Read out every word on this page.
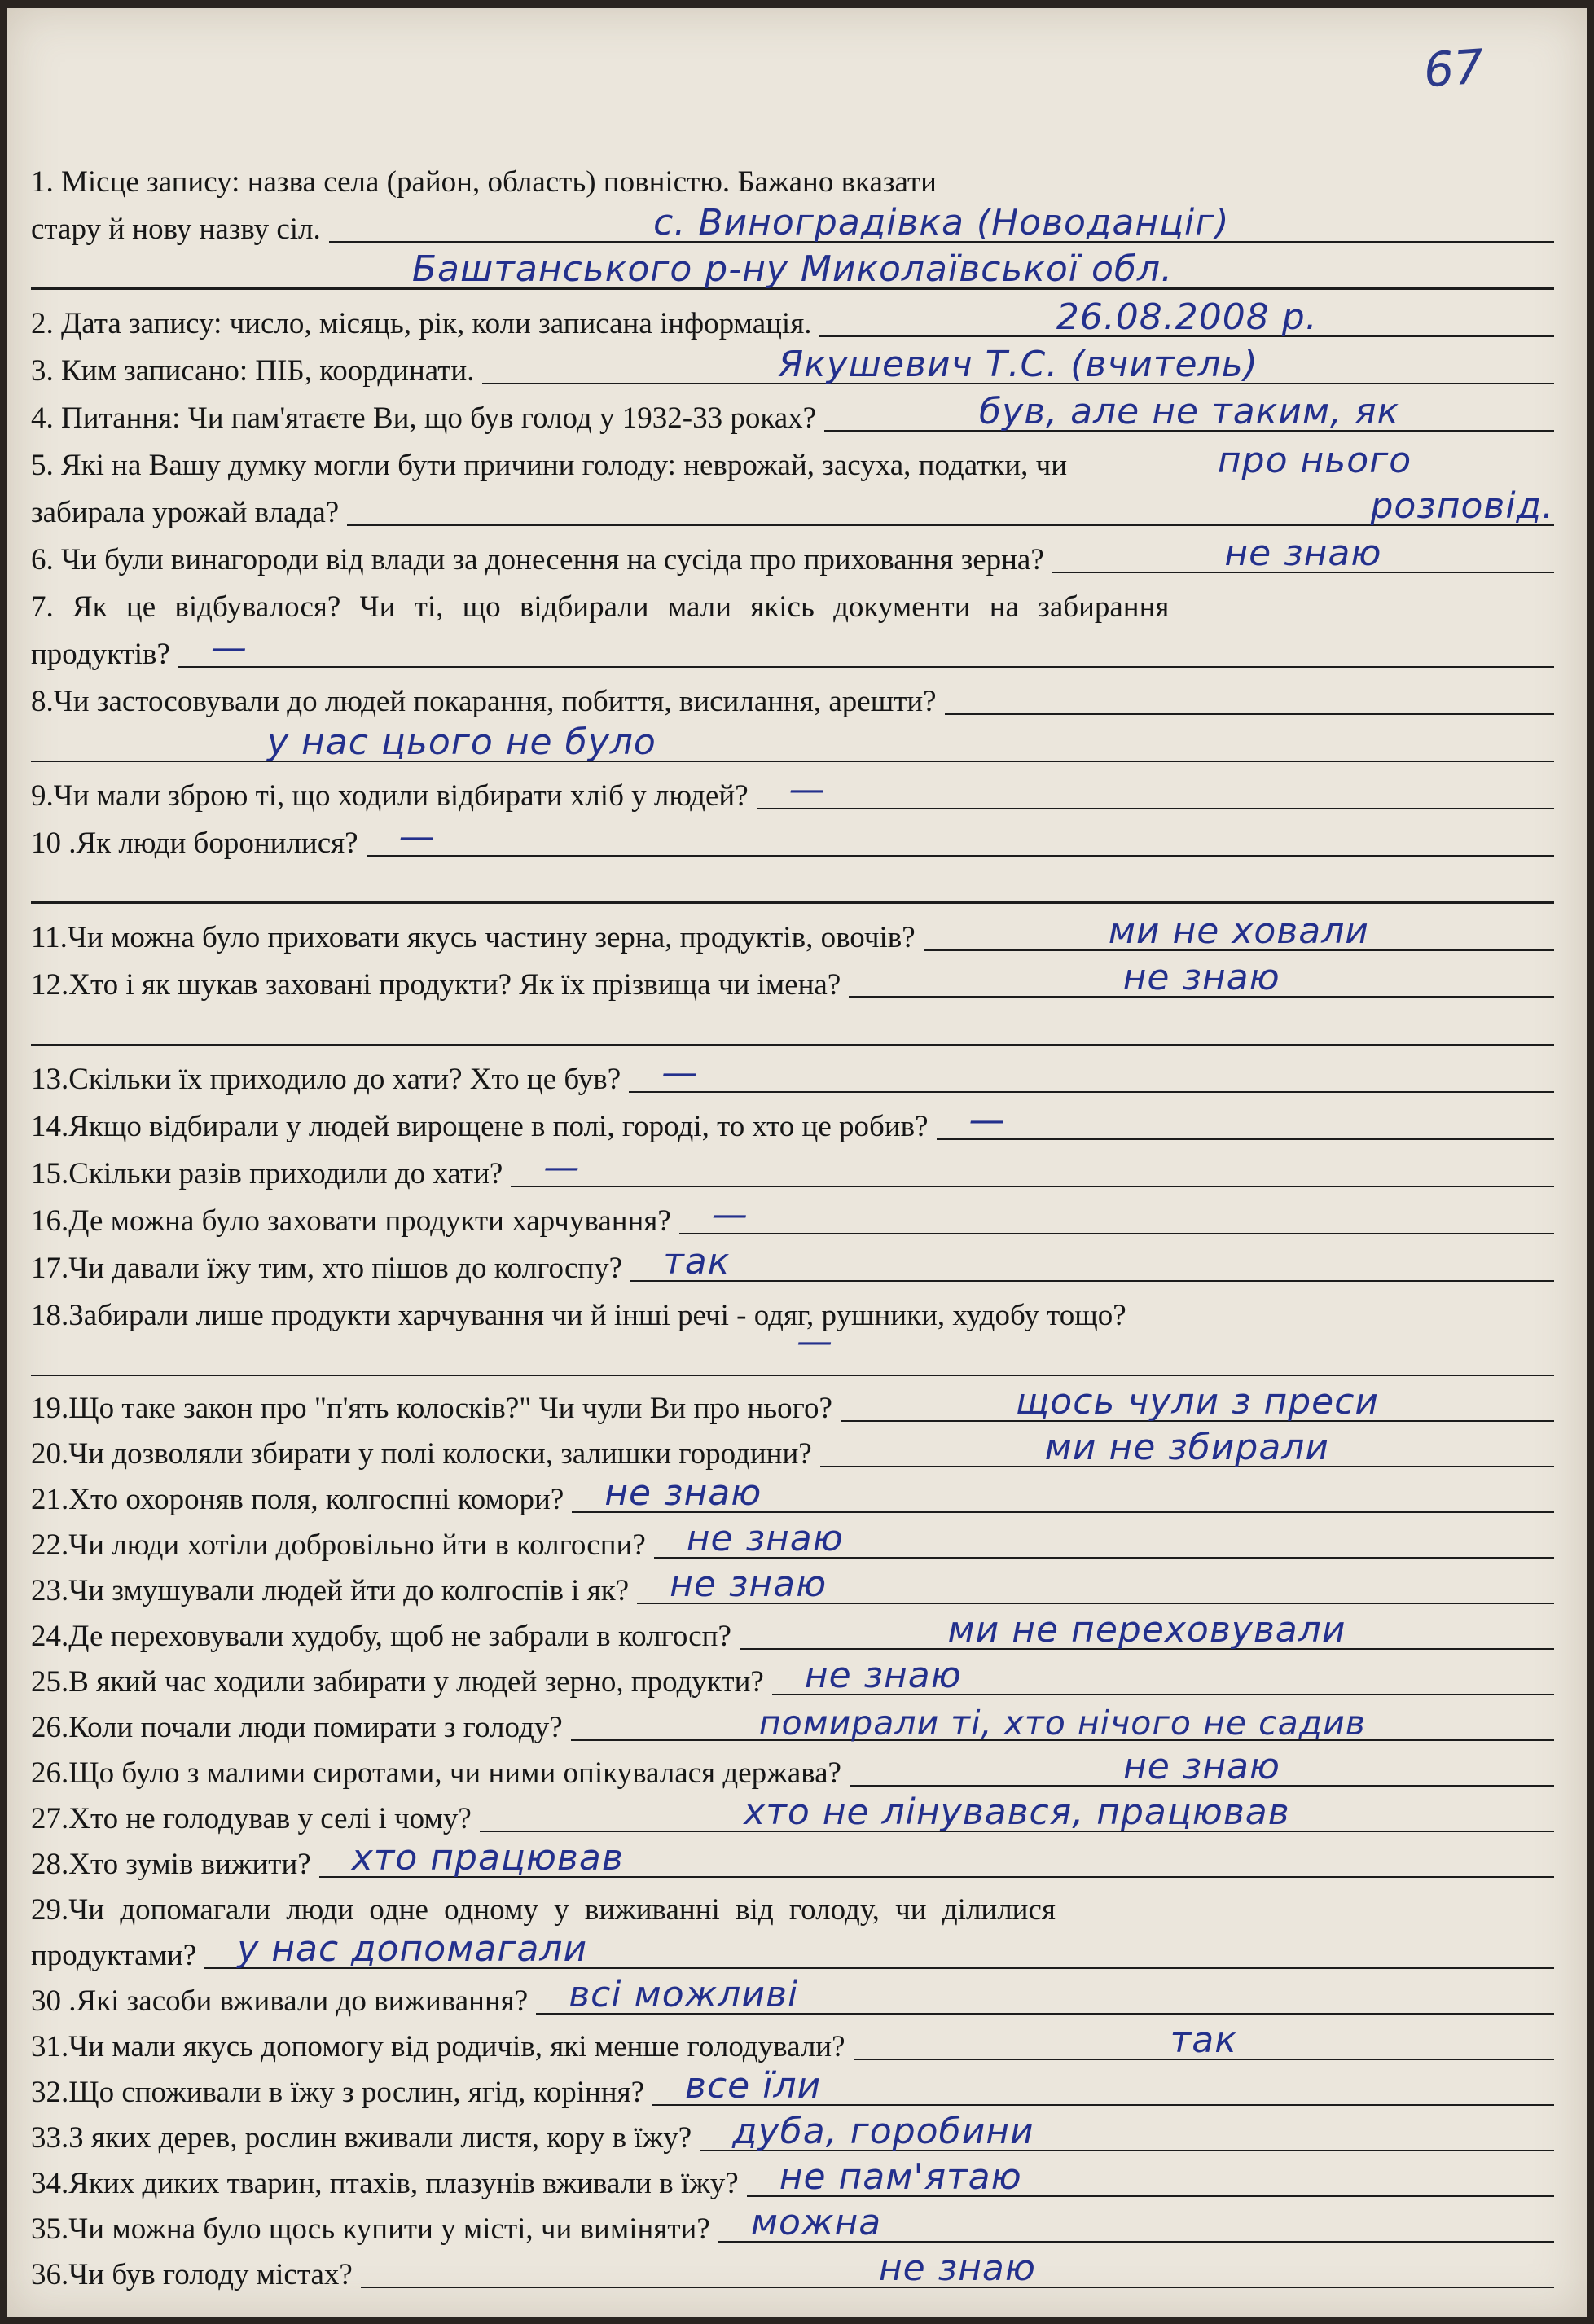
67
1. Місце запису: назва села (район, область) повністю. Бажано вказати
стару й нову назву сіл.	с. Виноградівка (Новоданціг)
Баштанського р-ну Миколаївської обл.
2. Дата запису: число, місяць, рік, коли записана інформація.	26.08.2008 р.
3. Ким записано: ПІБ, координати.	Якушевич Т.С. (вчитель)
4. Питання: Чи пам'ятаєте Ви, що був голод у 1932-33 роках?	був, але не таким, як
5. Які на Вашу думку могли бути причини голоду: неврожай, засуха, податки, чи	про нього
забирала урожай влада?	розповід.
6. Чи були винагороди від влади за донесення на сусіда про приховання зерна?	не знаю
7. Як це відбувалося? Чи ті, що відбирали мали якісь документи на забирання
продуктів?	—
8.Чи застосовували до людей покарання, побиття, висилання, арешти?
у нас цього не було
9.Чи мали зброю ті, що ходили відбирати хліб у людей?	—
10 .Як люди боронилися?	—
11.Чи можна було приховати якусь частину зерна, продуктів, овочів?	ми не ховали
12.Хто і як шукав заховані продукти? Як їх прізвища чи імена?	не знаю
13.Скільки їх приходило до хати? Хто це був?	—
14.Якщо відбирали у людей вирощене в полі, городі, то хто це робив?	—
15.Скільки разів приходили до хати?	—
16.Де можна було заховати продукти харчування?	—
17.Чи давали їжу тим, хто пішов до колгоспу?	так
18.Забирали лише продукти харчування чи й інші речі - одяг, рушники, худобу тощо?
—
19.Що таке закон про "п'ять колосків?" Чи чули Ви про нього?	щось чули з преси
20.Чи дозволяли збирати у полі колоски, залишки городини?	ми не збирали
21.Хто охороняв поля, колгоспні комори?	не знаю
22.Чи люди хотіли добровільно йти в колгоспи?	не знаю
23.Чи змушували людей йти до колгоспів і як?	не знаю
24.Де переховували худобу, щоб не забрали в колгосп?	ми не переховували
25.В який час ходили забирати у людей зерно, продукти?	не знаю
26.Коли почали люди помирати з голоду?	помирали ті, хто нічого не садив
26.Що було з малими сиротами, чи ними опікувалася держава?	не знаю
27.Хто не голодував у селі і чому?	хто не лінувався, працював
28.Хто зумів вижити?	хто працював
29.Чи допомагали люди одне одному у виживанні від голоду, чи ділилися
продуктами?	у нас допомагали
30 .Які засоби вживали до виживання?	всі можливі
31.Чи мали якусь допомогу від родичів, які менше голодували?	так
32.Що споживали в їжу з рослин, ягід, коріння?	все їли
33.З яких дерев, рослин вживали листя, кору в їжу?	дуба, горобини
34.Яких диких тварин, птахів, плазунів вживали в їжу?	не пам'ятаю
35.Чи можна було щось купити у місті, чи виміняти?	можна
36.Чи був голоду містах?	не знаю
